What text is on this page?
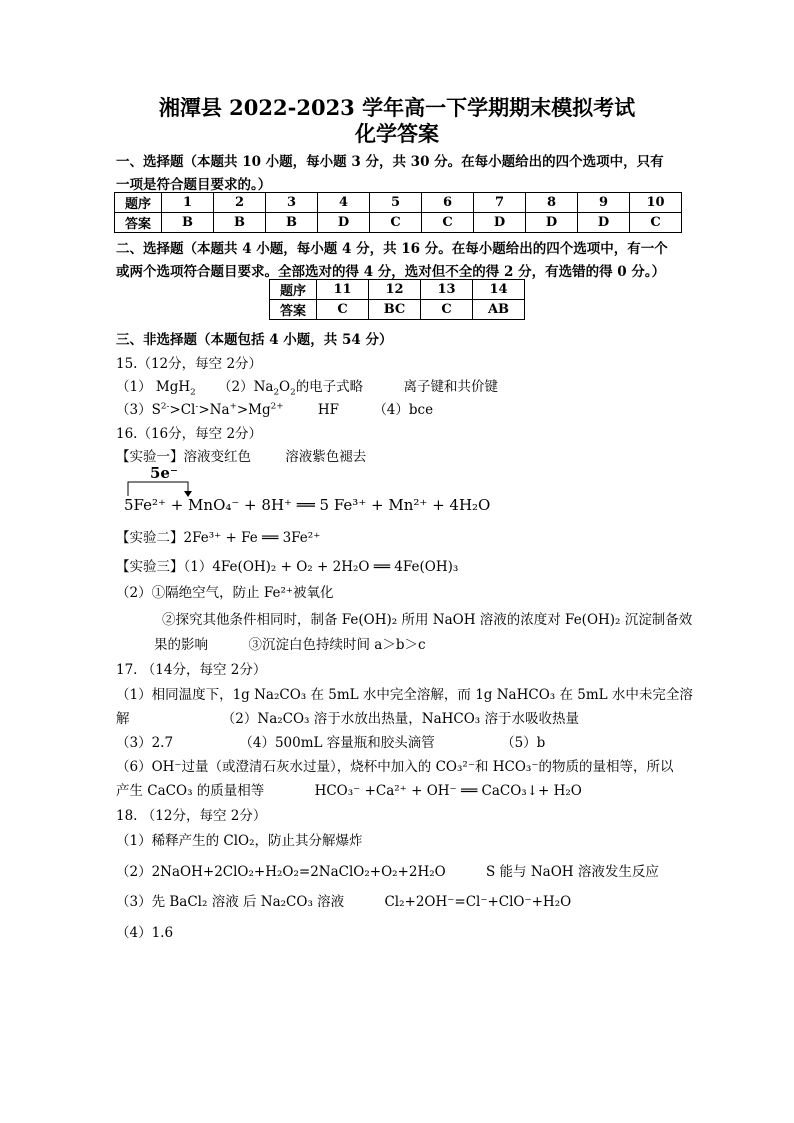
湘潭县 2022-2023 学年高一下学期期末模拟考试
化学答案
一、选择题（本题共 10 小题，每小题 3 分，共 30 分。在每小题给出的四个选项中，只有
一项是符合题目要求的。）
题序	1	2	3	4	5	6	7	8	9	10
答案	B	B	B	D	C	C	D	D	D	C
二、选择题（本题共 4 小题，每小题 4 分，共 16 分。在每小题给出的四个选项中，有一个
或两个选项符合题目要求。全部选对的得 4 分，选对但不全的得 2 分，有选错的得 0 分。）
题序	11	12	13	14
答案	C	BC	C	AB
三、非选择题（本题包括 4 小题，共 54 分）
15.（12分，每空 2分）
（1） MgH$_2$ $(2)Na_2O_2$的电子式略	离子键和共价键
$(3)S^{2-}>Cl^->Na^+>Mg^{2+}$	HF	（4）bce
16.（16分，每空 2分）
【实验一】溶液变红色	溶液紫色褪去
5e⁻
5Fe²⁺ + MnO₄⁻ + 8H⁺ ══ 5 Fe³⁺ + Mn²⁺ + 4H₂O
【实验二】2Fe³⁺ + Fe ══ 3Fe²⁺
【实验三】（1）4Fe(OH)₂ + O₂ + 2H₂O ══ 4Fe(OH)₃
（2）①隔绝空气，防止 Fe²⁺被氧化
②探究其他条件相同时，制备 Fe(OH)₂ 所用 NaOH 溶液的浓度对 Fe(OH)₂ 沉淀制备效
果的影响　　　③沉淀白色持续时间 a＞b＞c
17. （14分，每空 2分）
（1）相同温度下，1g Na₂CO₃ 在 5mL 水中完全溶解，而 1g NaHCO₃ 在 5mL 水中未完全溶
解	（2）Na₂CO₃ 溶于水放出热量，NaHCO₃ 溶于水吸收热量
（3）2.7	（4）500mL 容量瓶和胶头滴管	（5）b
（6）OH⁻过量（或澄清石灰水过量），烧杯中加入的 CO₃²⁻和 HCO₃⁻的物质的量相等，所以
产生 CaCO₃ 的质量相等	HCO₃⁻ +Ca²⁺ + OH⁻ ══ CaCO₃↓+ H₂O
18. （12分，每空 2分）
（1）稀释产生的 ClO₂，防止其分解爆炸
（2）2NaOH+2ClO₂+H₂O₂=2NaClO₂+O₂+2H₂O	S 能与 NaOH 溶液发生反应
（3）先 BaCl₂ 溶液 后 Na₂CO₃ 溶液	Cl₂+2OH⁻=Cl⁻+ClO⁻+H₂O
（4）1.6
